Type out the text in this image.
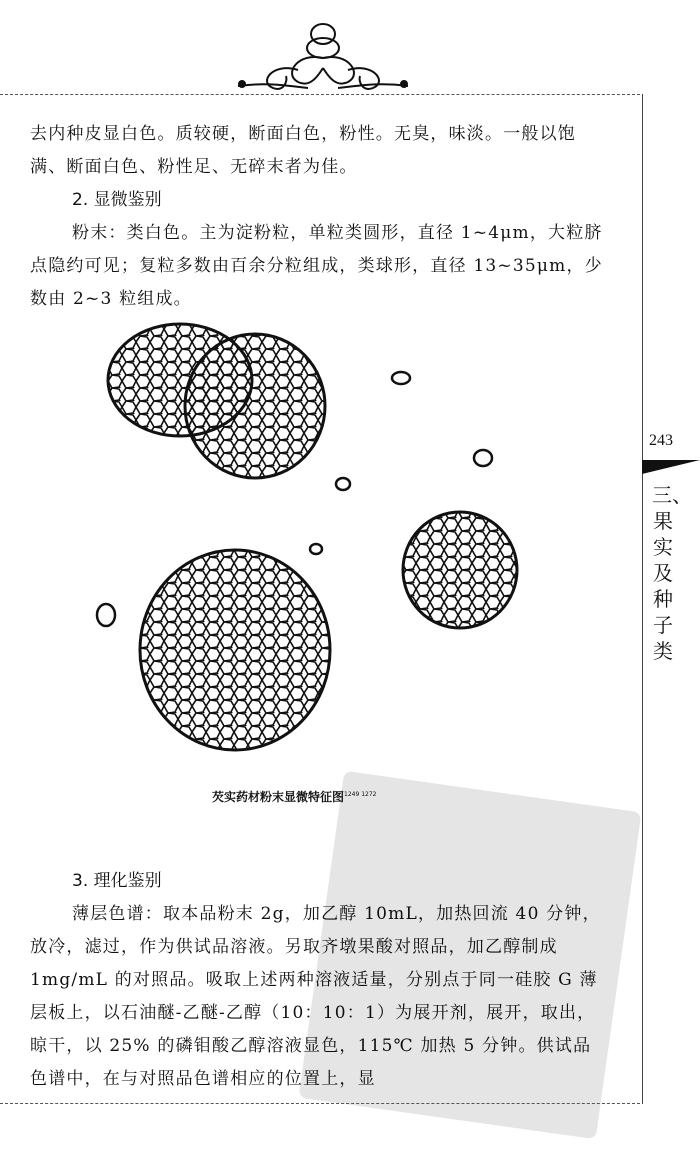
去内种皮显白色。质较硬，断面白色，粉性。无臭，味淡。一般以饱满、断面白色、粉性足、无碎末者为佳。
2. 显微鉴别
粉末：类白色。主为淀粉粒，单粒类圆形，直径 1~4μm，大粒脐点隐约可见；复粒多数由百余分粒组成，类球形，直径 13~35μm，少数由 2~3 粒组成。
芡实药材粉末显微特征图$^{1249 1272}$
3. 理化鉴别
薄层色谱：取本品粉末 2g，加乙醇 10mL，加热回流 40 分钟，放冷，滤过，作为供试品溶液。另取齐墩果酸对照品，加乙醇制成 1mg/mL 的对照品。吸取上述两种溶液适量，分别点于同一硅胶 G 薄层板上，以石油醚-乙醚-乙醇（10：10：1）为展开剂，展开，取出，晾干，以 25% 的磷钼酸乙醇溶液显色，115℃ 加热 5 分钟。供试品色谱中，在与对照品色谱相应的位置上，显
243
三、果实及种子类
